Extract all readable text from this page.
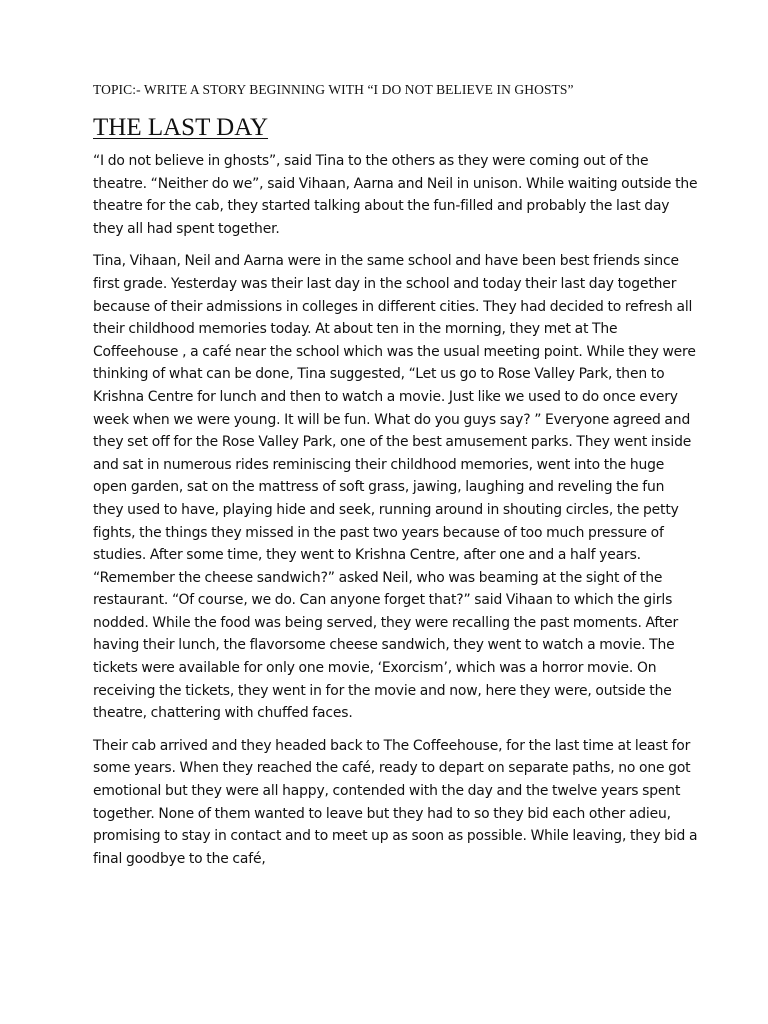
TOPIC:- WRITE A STORY BEGINNING WITH “I DO NOT BELIEVE IN GHOSTS”
THE LAST DAY

“I do not believe in ghosts”, said Tina to the others as they were coming out of the theatre. “Neither do we”, said Vihaan, Aarna and Neil in unison. While waiting outside the theatre for the cab, they started talking about the fun-filled and probably the last day they all had spent together.

Tina, Vihaan, Neil and Aarna were in the same school and have been best friends since first grade. Yesterday was their last day in the school and today their last day together because of their admissions in colleges in different cities. They had decided to refresh all their childhood memories today. At about ten in the morning, they met at The Coffeehouse , a café near the school which was the usual meeting point. While they were thinking of what can be done, Tina suggested, “Let us go to Rose Valley Park, then to Krishna Centre for lunch and then to watch a movie. Just like we used to do once every week when we were young. It will be fun. What do you guys say? ” Everyone agreed and they set off for the Rose Valley Park, one of the best amusement parks. They went inside and sat in numerous rides reminiscing their childhood memories, went into the huge open garden, sat on the mattress of soft grass, jawing, laughing and reveling the fun they used to have, playing hide and seek, running around in shouting circles, the petty fights, the things they missed in the past two years because of too much pressure of studies. After some time, they went to Krishna Centre, after one and a half years. “Remember the cheese sandwich?” asked Neil, who was beaming at the sight of the restaurant. “Of course, we do. Can anyone forget that?” said Vihaan to which the girls nodded. While the food was being served, they were recalling the past moments. After having their lunch, the flavorsome cheese sandwich, they went to watch a movie. The tickets were available for only one movie, ‘Exorcism’, which was a horror movie. On receiving the tickets, they went in for the movie and now, here they were, outside the theatre, chattering with chuffed faces.

Their cab arrived and they headed back to The Coffeehouse, for the last time at least for some years. When they reached the café, ready to depart on separate paths, no one got emotional but they were all happy, contended with the day and the twelve years spent together. None of them wanted to leave but they had to so they bid each other adieu, promising to stay in contact and to meet up as soon as possible. While leaving, they bid a final goodbye to the café,
